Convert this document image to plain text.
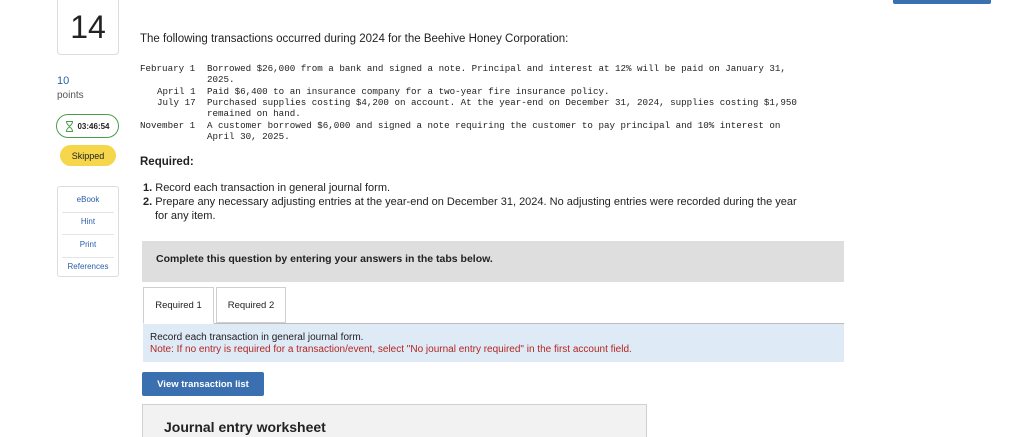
14
10
points
03:46:54
Skipped
eBook
Hint
Print
References
The following transactions occurred during 2024 for the Beehive Honey Corporation:
February 1 Borrowed $26,000 from a bank and signed a note. Principal and interest at 12% will be paid on January 31,
2025.
April 1 Paid $6,400 to an insurance company for a two-year fire insurance policy.
July 17 Purchased supplies costing $4,200 on account. At the year-end on December 31, 2024, supplies costing $1,950
remained on hand.
November 1 A customer borrowed $6,000 and signed a note requiring the customer to pay principal and 10% interest on
April 30, 2025.
Required:
1. Record each transaction in general journal form.
2. Prepare any necessary adjusting entries at the year-end on December 31, 2024. No adjusting entries were recorded during the year
for any item.
Complete this question by entering your answers in the tabs below.
Required 1	Required 2
Record each transaction in general journal form.
Note: If no entry is required for a transaction/event, select "No journal entry required" in the first account field.
View transaction list
Journal entry worksheet
